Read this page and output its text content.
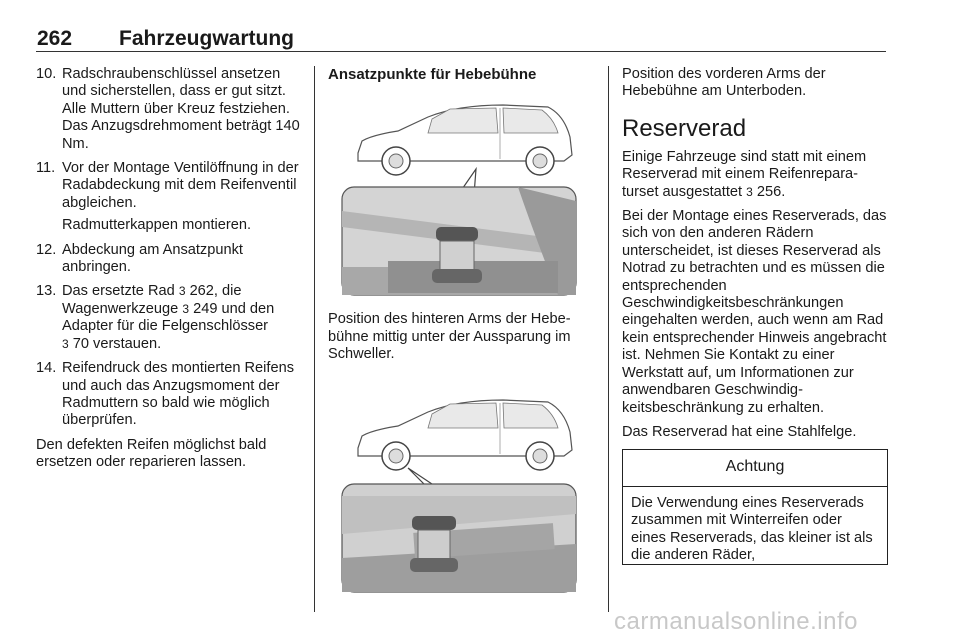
262 Fahrzeugwartung
10. Radschraubenschlüssel ansetzen und sicherstellen, dass er gut sitzt. Alle Muttern über Kreuz festziehen. Das Anzugsdrehmoment beträgt 140 Nm.
11. Vor der Montage Ventilöffnung in der Radabdeckung mit dem Reifenventil abgleichen.
Radmutterkappen montieren.
12. Abdeckung am Ansatzpunkt anbringen.
13. Das ersetzte Rad 3 262, die Wagenwerkzeuge 3 249 und den Adapter für die Felgenschlösser
3 70 verstauen.
14. Reifendruck des montierten Reifens und auch das Anzugsmoment der Radmuttern so bald wie möglich überprüfen.

Den defekten Reifen möglichst bald ersetzen oder reparieren lassen.

Ansatzpunkte für Hebebühne

Position des hinteren Arms der Hebebühne mittig unter der Aussparung im Schweller.

Position des vorderen Arms der Hebebühne am Unterboden.

Reserverad

Einige Fahrzeuge sind statt mit einem Reserverad mit einem Reifenreparaturset ausgestattet 3 256.

Bei der Montage eines Reserverads, das sich von den anderen Rädern unterscheidet, ist dieses Reserverad als Notrad zu betrachten und es müssen die entsprechenden Geschwindigkeitsbeschränkungen eingehalten werden, auch wenn am Rad kein entsprechender Hinweis angebracht ist. Nehmen Sie Kontakt zu einer Werkstatt auf, um Informationen zur anwendbaren Geschwindigkeitsbeschränkung zu erhalten.

Das Reserverad hat eine Stahlfelge.

Achtung
Die Verwendung eines Reserverads zusammen mit Winterreifen oder eines Reserverads, das kleiner ist als die anderen Räder,
carmanualsonline.info
